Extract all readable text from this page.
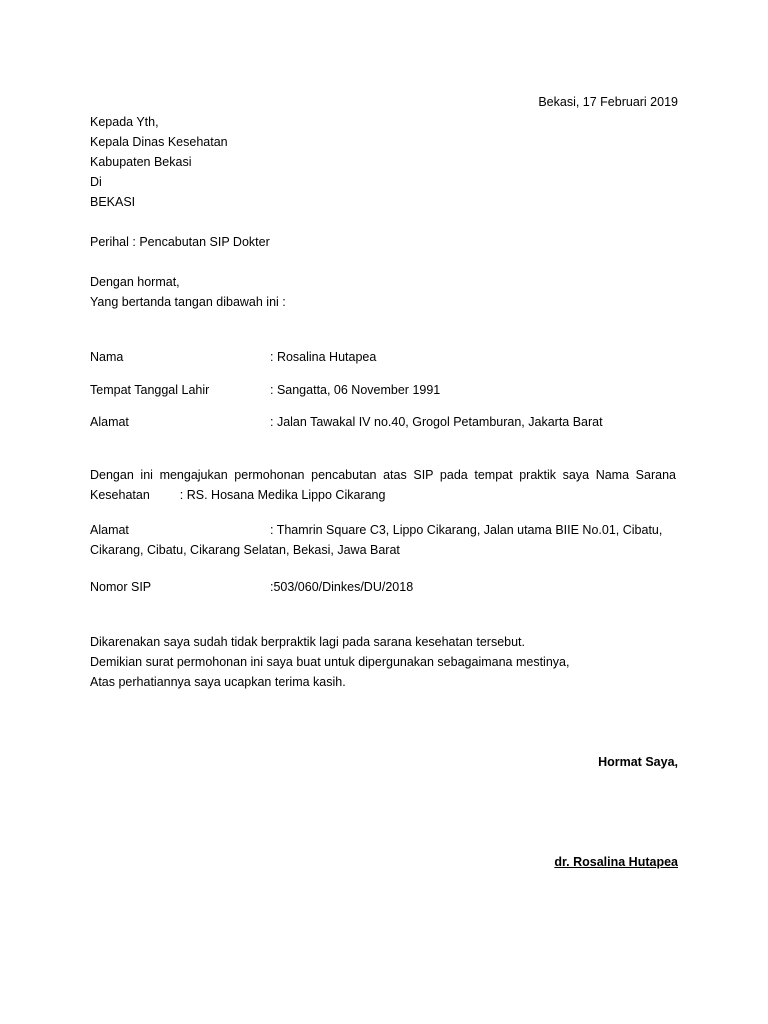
Bekasi, 17 Februari 2019
Kepada Yth,
Kepala Dinas Kesehatan
Kabupaten Bekasi
Di
BEKASI
Perihal : Pencabutan SIP Dokter
Dengan hormat,
Yang bertanda tangan dibawah ini :
Nama	: Rosalina Hutapea
Tempat Tanggal Lahir	: Sangatta, 06 November 1991
Alamat	: Jalan Tawakal IV no.40, Grogol Petamburan, Jakarta Barat
Dengan ini mengajukan permohonan pencabutan atas SIP pada tempat praktik saya Nama Sarana Kesehatan : RS. Hosana Medika Lippo Cikarang
Alamat	: Thamrin Square C3, Lippo Cikarang, Jalan utama BIIE No.01, Cibatu,
Cikarang, Cibatu, Cikarang Selatan, Bekasi, Jawa Barat
Nomor SIP	:503/060/Dinkes/DU/2018
Dikarenakan saya sudah tidak berpraktik lagi pada sarana kesehatan tersebut.
Demikian surat permohonan ini saya buat untuk dipergunakan sebagaimana mestinya,
Atas perhatiannya saya ucapkan terima kasih.
Hormat Saya,
dr. Rosalina Hutapea
